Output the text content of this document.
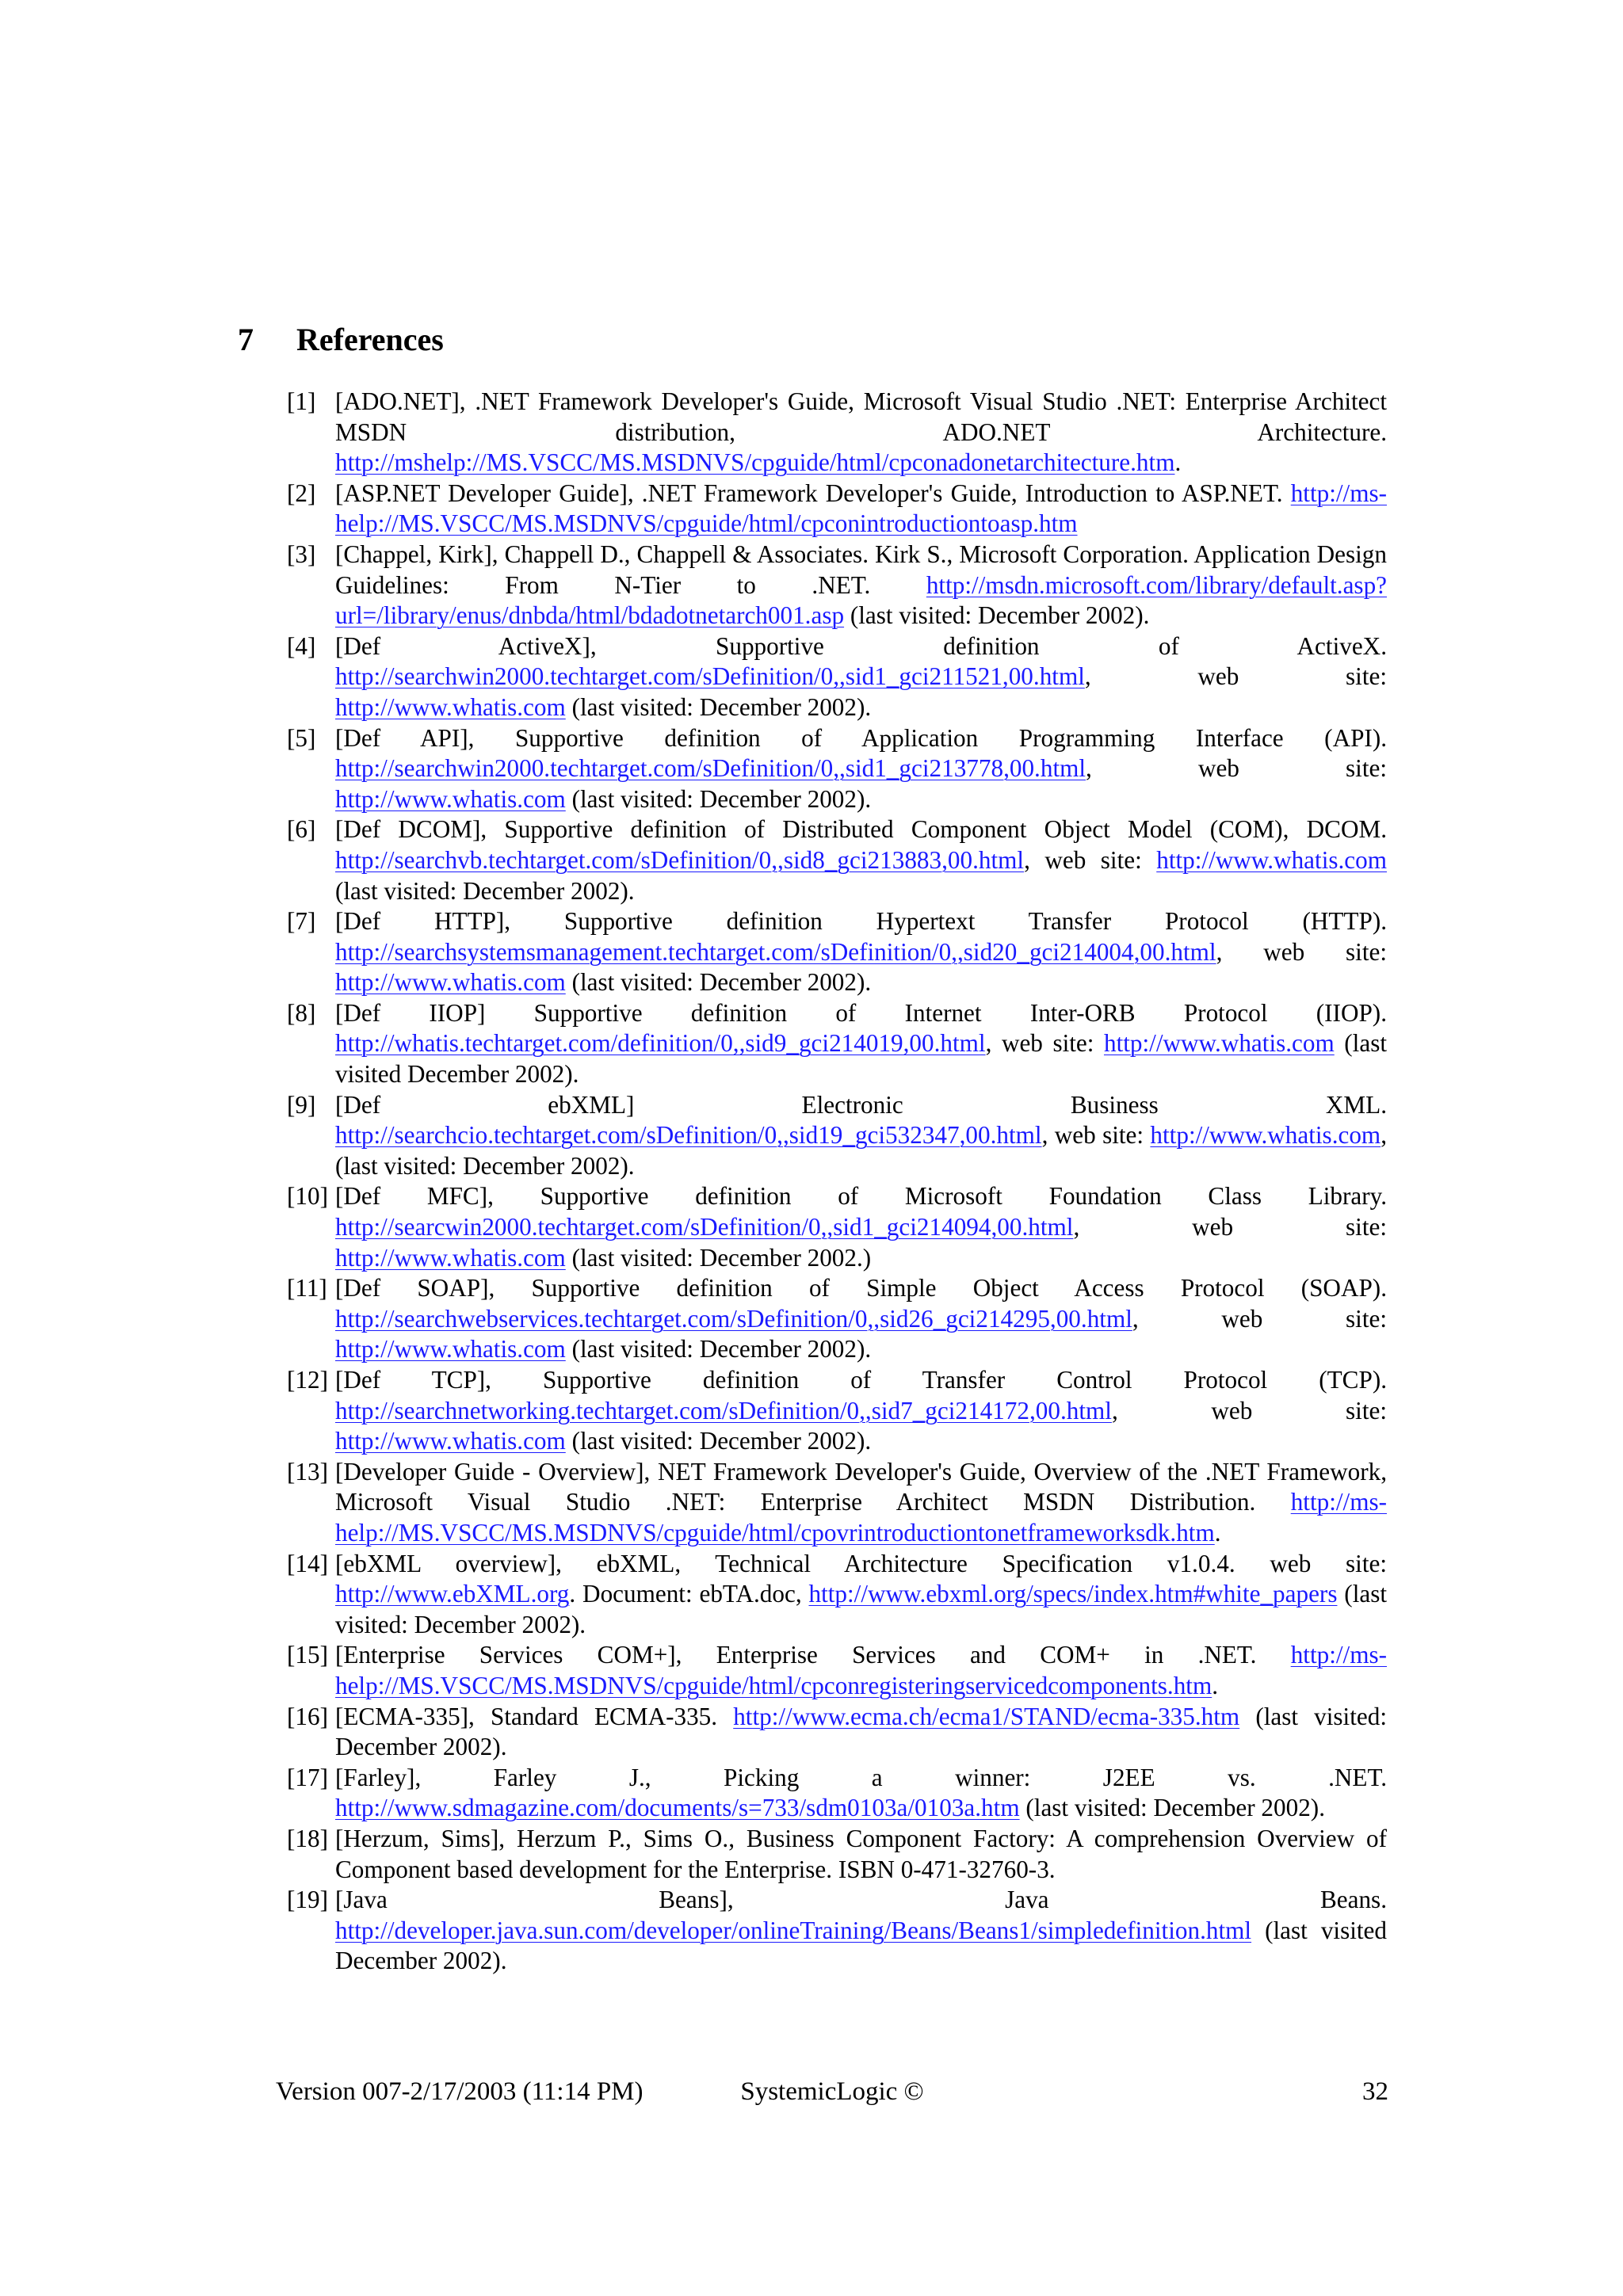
7 References
[1] [ADO.NET], .NET Framework Developer's Guide, Microsoft Visual Studio .NET: Enterprise Architect MSDN distribution, ADO.NET Architecture. http://mshelp://MS.VSCC/MS.MSDNVS/cpguide/html/cpconadonetarchitecture.htm.
[2] [ASP.NET Developer Guide], .NET Framework Developer's Guide, Introduction to ASP.NET. http://ms-help://MS.VSCC/MS.MSDNVS/cpguide/html/cpconintroductiontoasp.htm
[3] [Chappel, Kirk], Chappell D., Chappell & Associates. Kirk S., Microsoft Corporation. Application Design Guidelines: From N-Tier to .NET. http://msdn.microsoft.com/library/default.asp?url=/library/enus/dnbda/html/bdadotnetarch001.asp (last visited: December 2002).
[4] [Def ActiveX], Supportive definition of ActiveX. http://searchwin2000.techtarget.com/sDefinition/0,,sid1_gci211521,00.html, web site: http://www.whatis.com (last visited: December 2002).
[5] [Def API], Supportive definition of Application Programming Interface (API). http://searchwin2000.techtarget.com/sDefinition/0,,sid1_gci213778,00.html, web site: http://www.whatis.com (last visited: December 2002).
[6] [Def DCOM], Supportive definition of Distributed Component Object Model (COM), DCOM. http://searchvb.techtarget.com/sDefinition/0,,sid8_gci213883,00.html, web site: http://www.whatis.com (last visited: December 2002).
[7] [Def HTTP], Supportive definition Hypertext Transfer Protocol (HTTP). http://searchsystemsmanagement.techtarget.com/sDefinition/0,,sid20_gci214004,00.html, web site: http://www.whatis.com (last visited: December 2002).
[8] [Def IIOP] Supportive definition of Internet Inter-ORB Protocol (IIOP). http://whatis.techtarget.com/definition/0,,sid9_gci214019,00.html, web site: http://www.whatis.com (last visited December 2002).
[9] [Def ebXML] Electronic Business XML. http://searchcio.techtarget.com/sDefinition/0,,sid19_gci532347,00.html, web site: http://www.whatis.com, (last visited: December 2002).
[10] [Def MFC], Supportive definition of Microsoft Foundation Class Library. http://searcwin2000.techtarget.com/sDefinition/0,,sid1_gci214094,00.html, web site: http://www.whatis.com (last visited: December 2002.)
[11] [Def SOAP], Supportive definition of Simple Object Access Protocol (SOAP). http://searchwebservices.techtarget.com/sDefinition/0,,sid26_gci214295,00.html, web site: http://www.whatis.com (last visited: December 2002).
[12] [Def TCP], Supportive definition of Transfer Control Protocol (TCP). http://searchnetworking.techtarget.com/sDefinition/0,,sid7_gci214172,00.html, web site: http://www.whatis.com (last visited: December 2002).
[13] [Developer Guide - Overview], NET Framework Developer's Guide, Overview of the .NET Framework, Microsoft Visual Studio .NET: Enterprise Architect MSDN Distribution. http://ms-help://MS.VSCC/MS.MSDNVS/cpguide/html/cpovrintroductiontonetframeworksdk.htm.
[14] [ebXML overview], ebXML, Technical Architecture Specification v1.0.4. web site: http://www.ebXML.org. Document: ebTA.doc, http://www.ebxml.org/specs/index.htm#white_papers (last visited: December 2002).
[15] [Enterprise Services COM+], Enterprise Services and COM+ in .NET. http://ms-help://MS.VSCC/MS.MSDNVS/cpguide/html/cpconregisteringservicedcomponents.htm.
[16] [ECMA-335], Standard ECMA-335. http://www.ecma.ch/ecma1/STAND/ecma-335.htm (last visited: December 2002).
[17] [Farley], Farley J., Picking a winner: J2EE vs. .NET. http://www.sdmagazine.com/documents/s=733/sdm0103a/0103a.htm (last visited: December 2002).
[18] [Herzum, Sims], Herzum P., Sims O., Business Component Factory: A comprehension Overview of Component based development for the Enterprise. ISBN 0-471-32760-3.
[19] [Java Beans], Java Beans. http://developer.java.sun.com/developer/onlineTraining/Beans/Beans1/simpledefinition.html (last visited December 2002).
Version 007-2/17/2003 (11:14 PM)	SystemicLogic ©	32
